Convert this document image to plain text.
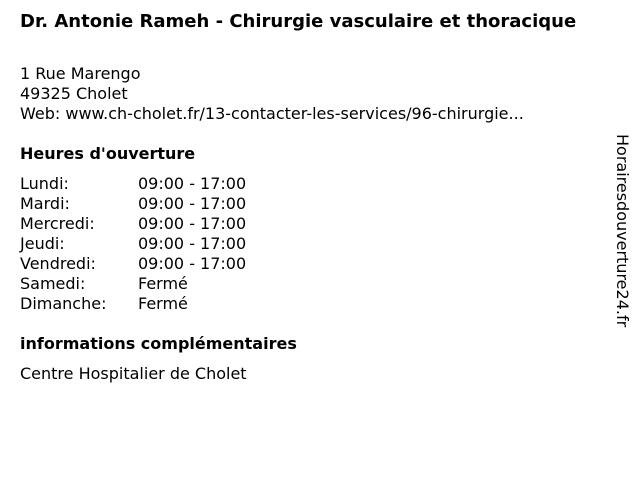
Dr. Antonie Rameh - Chirurgie vasculaire et thoracique
1 Rue Marengo
49325 Cholet
Web: www.ch-cholet.fr/13-contacter-les-services/96-chirurgie...
Heures d'ouverture
Lundi:	09:00 - 17:00
Mardi:	09:00 - 17:00
Mercredi:	09:00 - 17:00
Jeudi:	09:00 - 17:00
Vendredi:	09:00 - 17:00
Samedi:	Fermé
Dimanche: Fermé
informations complémentaires
Centre Hospitalier de Cholet
Horairesdouverture24.fr
